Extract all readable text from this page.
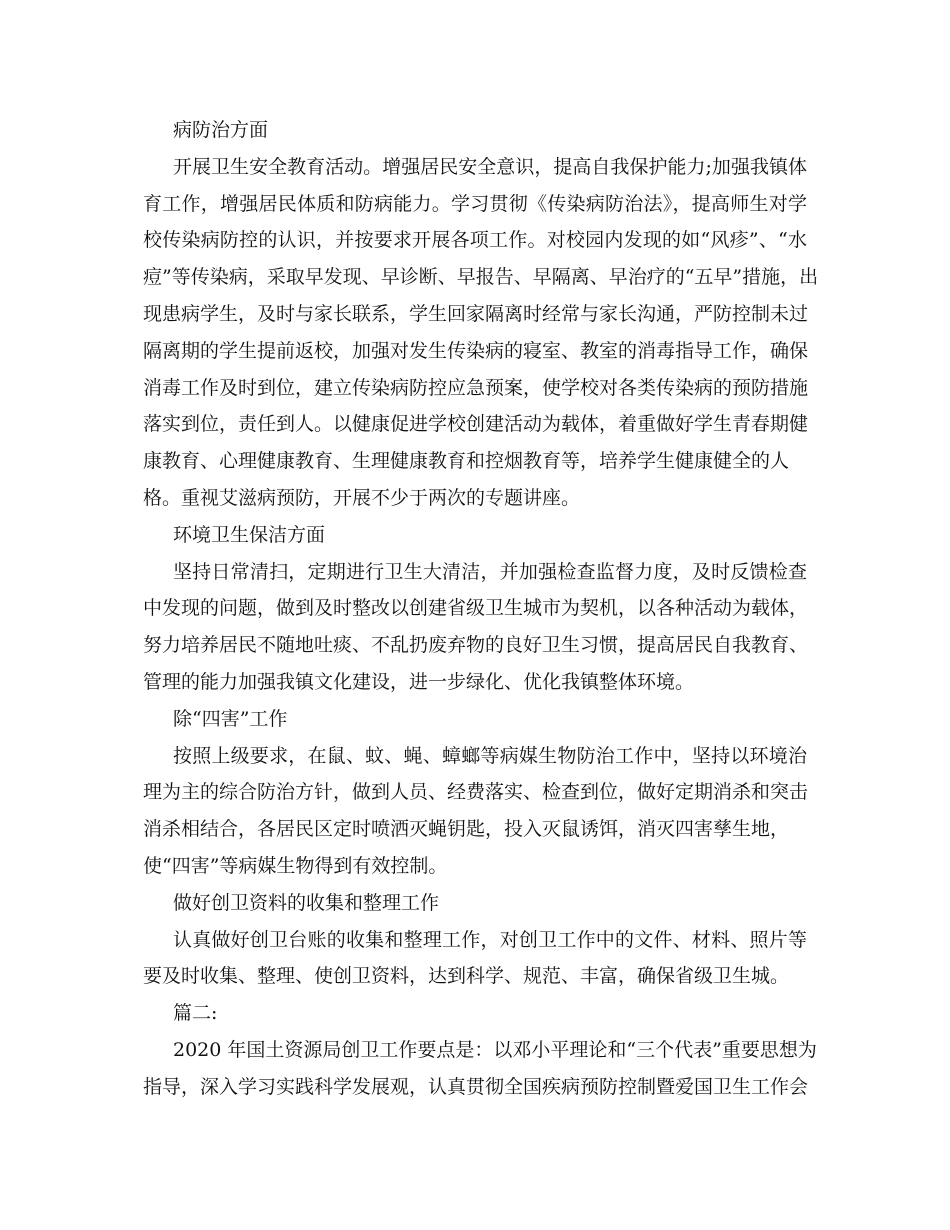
病防治方面
开展卫生安全教育活动。增强居民安全意识，提高自我保护能力;加强我镇体
育工作，增强居民体质和防病能力。学习贯彻《传染病防治法》，提高师生对学
校传染病防控的认识，并按要求开展各项工作。对校园内发现的如“风疹”、“水
痘”等传染病，采取早发现、早诊断、早报告、早隔离、早治疗的“五早”措施，出
现患病学生，及时与家长联系，学生回家隔离时经常与家长沟通，严防控制未过
隔离期的学生提前返校，加强对发生传染病的寝室、教室的消毒指导工作，确保
消毒工作及时到位，建立传染病防控应急预案，使学校对各类传染病的预防措施
落实到位，责任到人。以健康促进学校创建活动为载体，着重做好学生青春期健
康教育、心理健康教育、生理健康教育和控烟教育等，培养学生健康健全的人
格。重视艾滋病预防，开展不少于两次的专题讲座。
环境卫生保洁方面
坚持日常清扫，定期进行卫生大清洁，并加强检查监督力度，及时反馈检查
中发现的问题，做到及时整改以创建省级卫生城市为契机，以各种活动为载体，
努力培养居民不随地吐痰、不乱扔废弃物的良好卫生习惯，提高居民自我教育、
管理的能力加强我镇文化建设，进一步绿化、优化我镇整体环境。
除“四害”工作
按照上级要求，在鼠、蚊、蝇、蟑螂等病媒生物防治工作中，坚持以环境治
理为主的综合防治方针，做到人员、经费落实、检查到位，做好定期消杀和突击
消杀相结合，各居民区定时喷洒灭蝇钥匙，投入灭鼠诱饵，消灭四害孳生地，
使“四害”等病媒生物得到有效控制。
做好创卫资料的收集和整理工作
认真做好创卫台账的收集和整理工作，对创卫工作中的文件、材料、照片等
要及时收集、整理、使创卫资料，达到科学、规范、丰富，确保省级卫生城。
篇二:
2020 年国土资源局创卫工作要点是：以邓小平理论和“三个代表”重要思想为
指导，深入学习实践科学发展观，认真贯彻全国疾病预防控制暨爱国卫生工作会
